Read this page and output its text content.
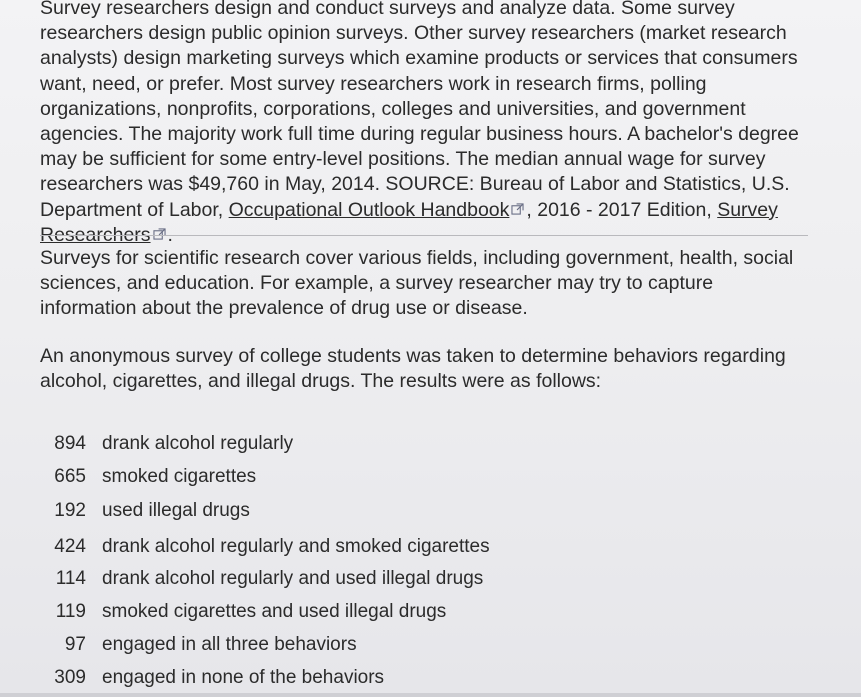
Survey researchers design and conduct surveys and analyze data. Some survey researchers design public opinion surveys. Other survey researchers (market research analysts) design marketing surveys which examine products or services that consumers want, need, or prefer. Most survey researchers work in research firms, polling organizations, nonprofits, corporations, colleges and universities, and government agencies. The majority work full time during regular business hours. A bachelor's degree may be sufficient for some entry-level positions. The median annual wage for survey researchers was $49,760 in May, 2014. SOURCE: Bureau of Labor and Statistics, U.S. Department of Labor, Occupational Outlook Handbook , 2016 - 2017 Edition, Survey Researchers .
Surveys for scientific research cover various fields, including government, health, social sciences, and education. For example, a survey researcher may try to capture information about the prevalence of drug use or disease.
An anonymous survey of college students was taken to determine behaviors regarding alcohol, cigarettes, and illegal drugs. The results were as follows:
894 drank alcohol regularly
665 smoked cigarettes
192 used illegal drugs
424 drank alcohol regularly and smoked cigarettes
114 drank alcohol regularly and used illegal drugs
119 smoked cigarettes and used illegal drugs
97 engaged in all three behaviors
309 engaged in none of the behaviors
